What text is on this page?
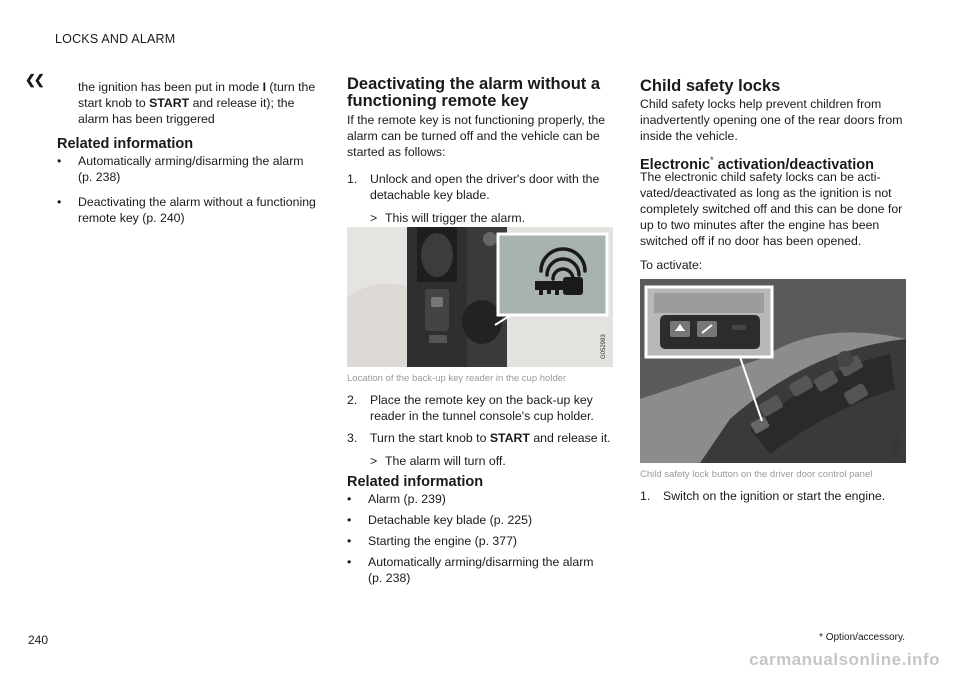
LOCKS AND ALARM
❮❮	the ignition has been put in mode I (turn the
start knob to START and release it); the
alarm has been triggered
Related information
• Automatically arming/disarming the alarm
(p. 238)
• Deactivating the alarm without a functioning
remote key (p. 240)
Deactivating the alarm without a
functioning remote key
If the remote key is not functioning properly, the
alarm can be turned off and the vehicle can be
started as follows:
1. Unlock and open the driver's door with the
detachable key blade.
> This will trigger the alarm.
G052983
Location of the back-up key reader in the cup holder
2. Place the remote key on the back-up key
reader in the tunnel console's cup holder.
3. Turn the start knob to START and release it.
> The alarm will turn off.
Related information
• Alarm (p. 239)
• Detachable key blade (p. 225)
• Starting the engine (p. 377)
• Automatically arming/disarming the alarm
(p. 238)
Child safety locks
Child safety locks help prevent children from
inadvertently opening one of the rear doors from
inside the vehicle.
Electronic* activation/deactivation
The electronic child safety locks can be acti-
vated/deactivated as long as the ignition is not
completely switched off and this can be done for
up to two minutes after the engine has been
switched off if no door has been opened.
To activate:
G053614
Child safety lock button on the driver door control panel
1. Switch on the ignition or start the engine.
240	* Option/accessory.
carmanualsonline.info
